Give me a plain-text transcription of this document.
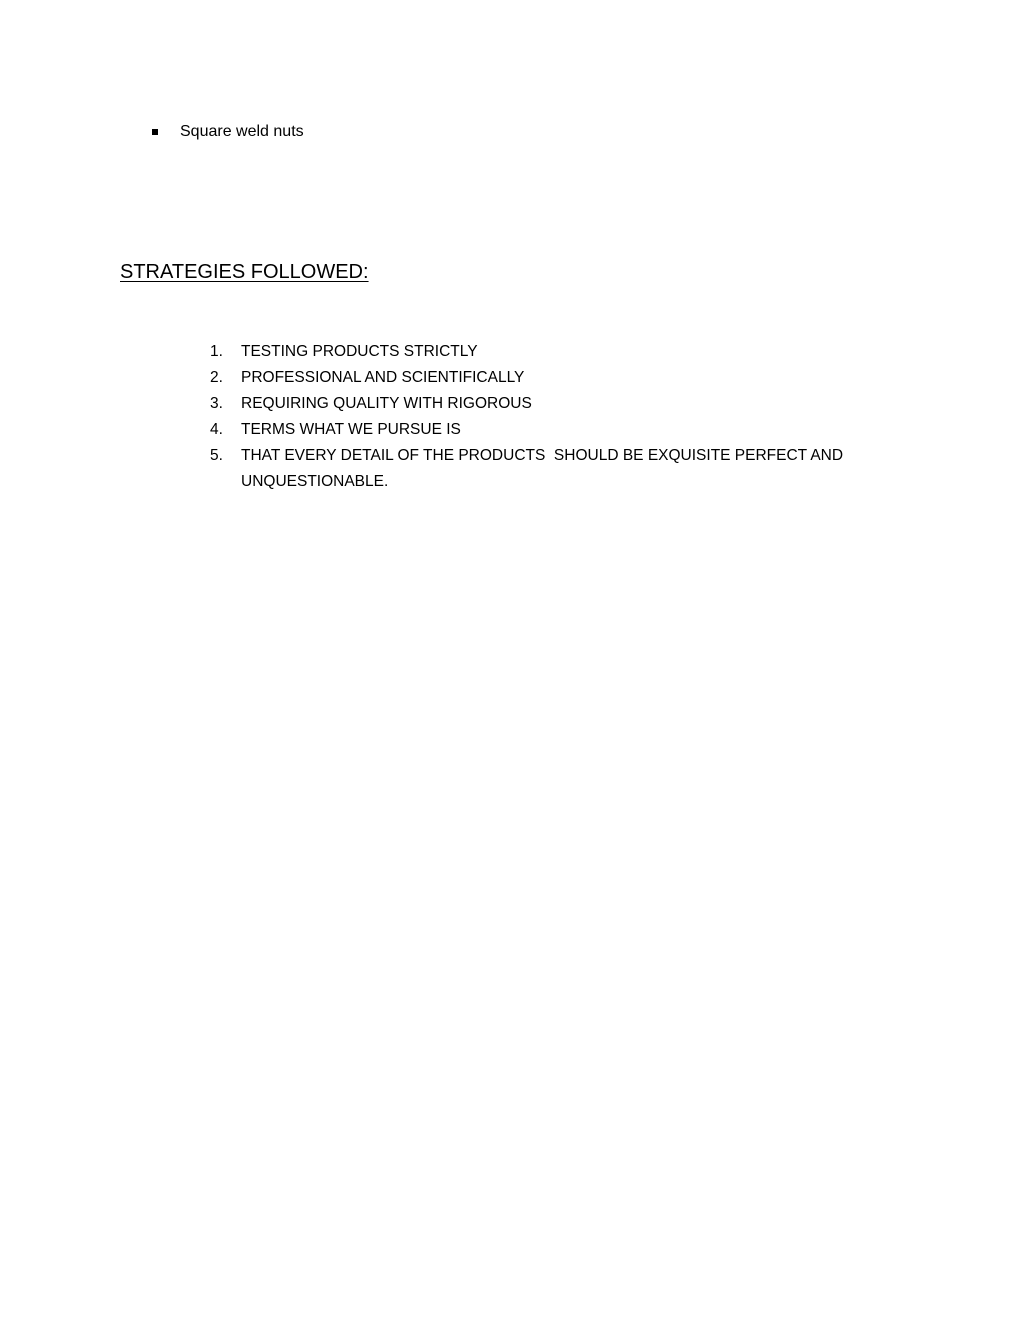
Square weld nuts
STRATEGIES FOLLOWED:
1.	TESTING PRODUCTS STRICTLY
2.	PROFESSIONAL AND SCIENTIFICALLY
3.	REQUIRING QUALITY WITH RIGOROUS
4.	TERMS WHAT WE PURSUE IS
5.	THAT EVERY DETAIL OF THE PRODUCTS  SHOULD BE EXQUISITE PERFECT AND UNQUESTIONABLE.
